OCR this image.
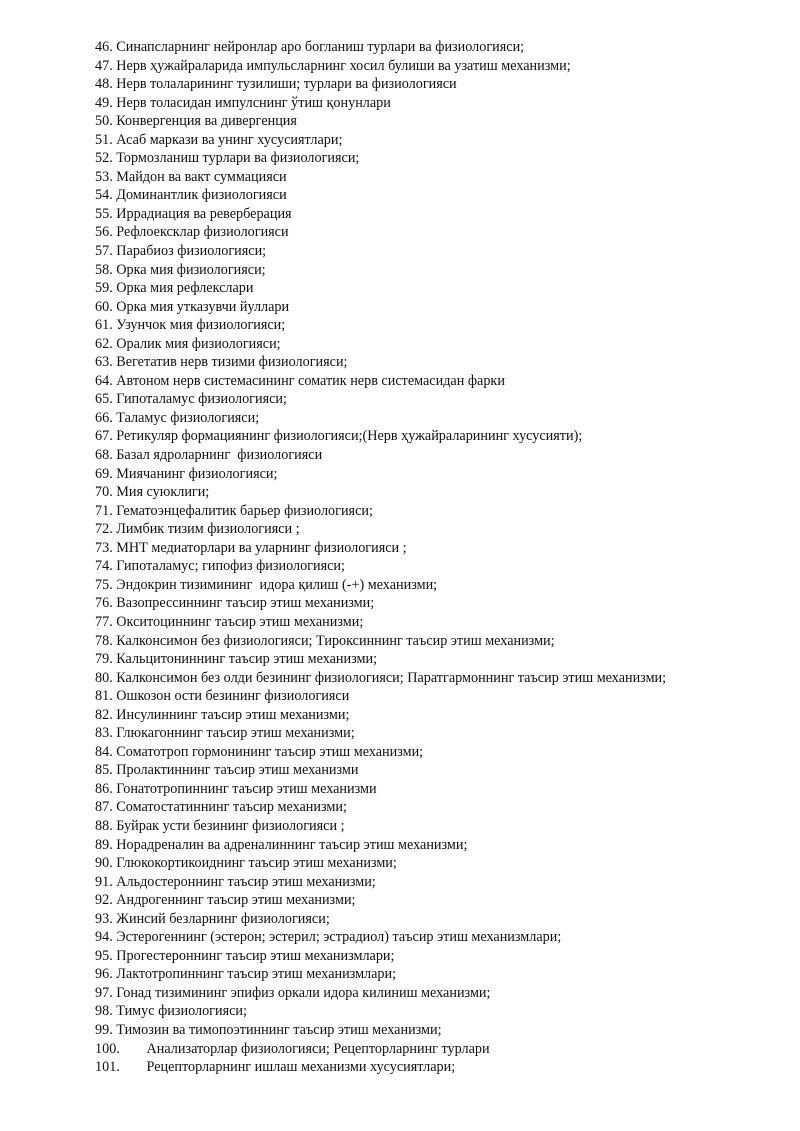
46. Синапсларнинг нейронлар аро богланиш турлари ва физиологияси;
47. Нерв ҳужайраларида импульсларнинг хосил булиши ва узатиш механизми;
48. Нерв толаларининг тузилиши; турлари ва физиологияси
49. Нерв толасидан импулснинг ўтиш қонунлари
50. Конвергенция ва дивергенция
51. Асаб маркази ва унинг хусусиятлари;
52. Тормозланиш турлари ва физиологияси;
53. Майдон ва вакт суммацияси
54. Доминантлик физиологияси
55. Иррадиация ва реверберация
56. Рефлоексклар физиологияси
57. Парабиоз физиологияси;
58. Орка мия физиологияси;
59. Орка мия рефлекслари
60. Орка мия утказувчи йуллари
61. Узунчок мия физиологияси;
62. Оралик мия физиологияси;
63. Вегетатив нерв тизими физиологияси;
64. Автоном нерв системасининг соматик нерв системасидан фарки
65. Гипоталамус физиологияси;
66. Таламус физиологияси;
67. Ретикуляр формациянинг физиологияси;(Нерв ҳужайраларининг хусусияти);
68. Базал ядроларнинг  физиологияси
69. Миячанинг физиологияси;
70. Мия суюклиги;
71. Гематоэнцефалитик барьер физиологияси;
72. Лимбик тизим физиологияси ;
73. МНТ медиаторлари ва уларнинг физиологияси ;
74. Гипоталамус; гипофиз физиологияси;
75. Эндокрин тизимининг  идора қилиш (-+) механизми;
76. Вазопрессиннинг таъсир этиш механизми;
77. Окситоциннинг таъсир этиш механизми;
78. Калконсимон без физиологияси; Тироксиннинг таъсир этиш механизми;
79. Кальцитониннинг таъсир этиш механизми;
80. Калконсимон без олди безининг физиологияси; Паратгармоннинг таъсир этиш механизми;
81. Ошкозон ости безининг физиологияси
82. Инсулиннинг таъсир этиш механизми;
83. Глюкагоннинг таъсир этиш механизми;
84. Соматотроп гормонининг таъсир этиш механизми;
85. Пролактиннинг таъсир этиш механизми
86. Гонатотропиннинг таъсир этиш механизми
87. Соматостатиннинг таъсир механизми;
88. Буйрак усти безининг физиологияси ;
89. Норадреналин ва адреналиннинг таъсир этиш механизми;
90. Глюкокортикоиднинг таъсир этиш механизми;
91. Альдостероннинг таъсир этиш механизми;
92. Андрогеннинг таъсир этиш механизми;
93. Жинсий безларнинг физиологияси;
94. Эстерогеннинг (эстерон; эстерил; эстрадиол) таъсир этиш механизмлари;
95. Прогестероннинг таъсир этиш механизмлари;
96. Лактотропиннинг таъсир этиш механизмлари;
97. Гонад тизимининг эпифиз оркали идора килиниш механизми;
98. Тимус физиологияси;
99. Тимозин ва тимопоэтиннинг таъсир этиш механизми;
100. Анализаторлар физиологияси; Рецепторларнинг турлари
101. Рецепторларнинг ишлаш механизми хусусиятлари;
